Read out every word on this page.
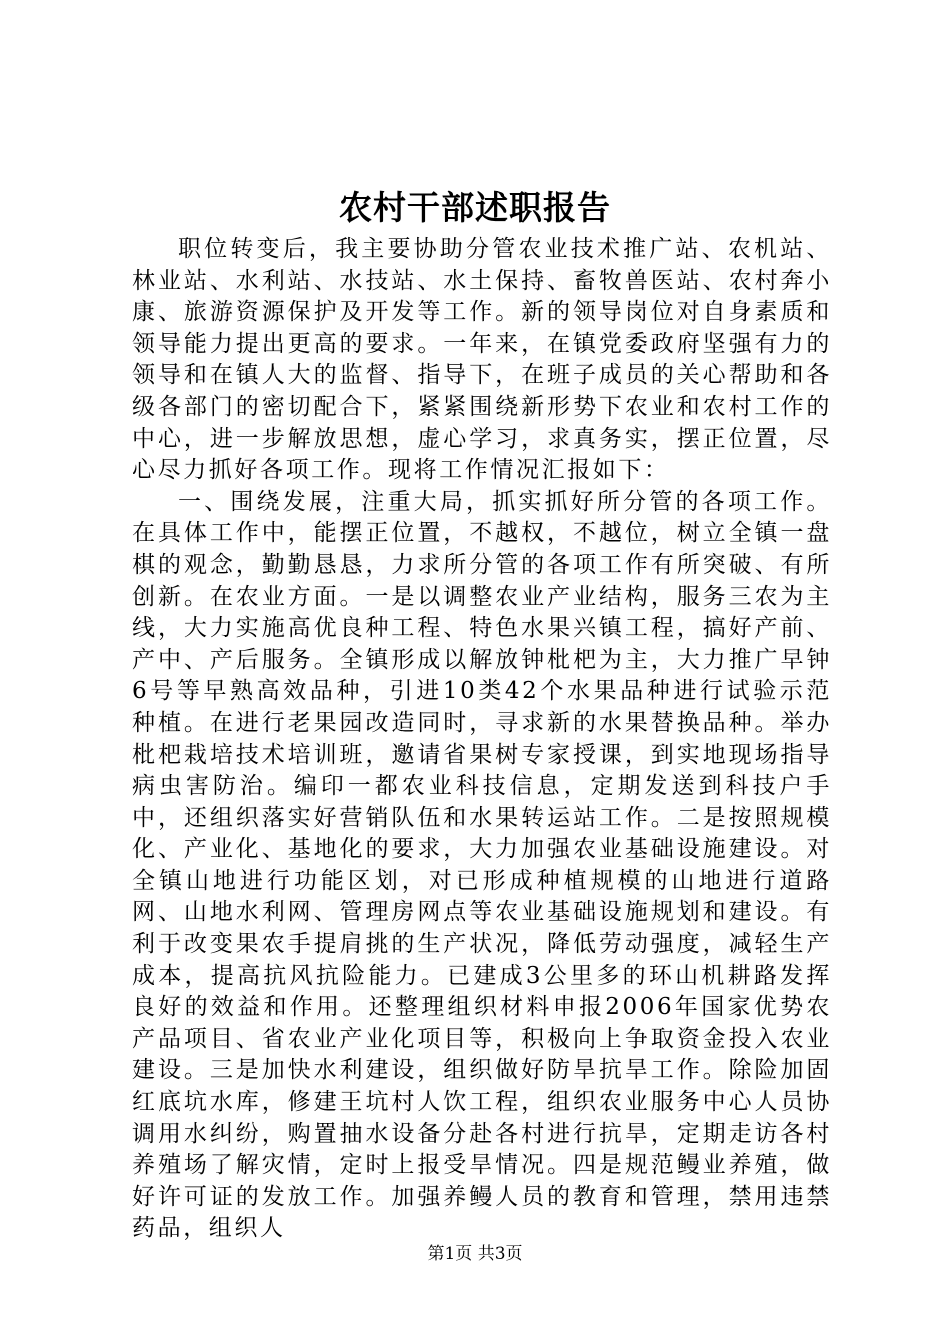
农村干部述职报告

职位转变后，我主要协助分管农业技术推广站、农机站、林业站、水利站、水技站、水土保持、畜牧兽医站、农村奔小康、旅游资源保护及开发等工作。新的领导岗位对自身素质和领导能力提出更高的要求。一年来，在镇党委政府坚强有力的领导和在镇人大的监督、指导下，在班子成员的关心帮助和各级各部门的密切配合下，紧紧围绕新形势下农业和农村工作的中心，进一步解放思想，虚心学习，求真务实，摆正位置，尽心尽力抓好各项工作。现将工作情况汇报如下：

一、围绕发展，注重大局，抓实抓好所分管的各项工作。在具体工作中，能摆正位置，不越权，不越位，树立全镇一盘棋的观念，勤勤恳恳，力求所分管的各项工作有所突破、有所创新。在农业方面。一是以调整农业产业结构，服务三农为主线，大力实施高优良种工程、特色水果兴镇工程，搞好产前、产中、产后服务。全镇形成以解放钟枇杷为主，大力推广早钟6号等早熟高效品种，引进10类42个水果品种进行试验示范种植。在进行老果园改造同时，寻求新的水果替换品种。举办枇杷栽培技术培训班，邀请省果树专家授课，到实地现场指导病虫害防治。编印一都农业科技信息，定期发送到科技户手中，还组织落实好营销队伍和水果转运站工作。二是按照规模化、产业化、基地化的要求，大力加强农业基础设施建设。对全镇山地进行功能区划，对已形成种植规模的山地进行道路网、山地水利网、管理房网点等农业基础设施规划和建设。有利于改变果农手提肩挑的生产状况，降低劳动强度，减轻生产成本，提高抗风抗险能力。已建成3公里多的环山机耕路发挥良好的效益和作用。还整理组织材料申报2006年国家优势农产品项目、省农业产业化项目等，积极向上争取资金投入农业建设。三是加快水利建设，组织做好防旱抗旱工作。除险加固红底坑水库，修建王坑村人饮工程，组织农业服务中心人员协调用水纠纷，购置抽水设备分赴各村进行抗旱，定期走访各村养殖场了解灾情，定时上报受旱情况。四是规范鳗业养殖，做好许可证的发放工作。加强养鳗人员的教育和管理，禁用违禁药品，组织人

第1页 共3页
